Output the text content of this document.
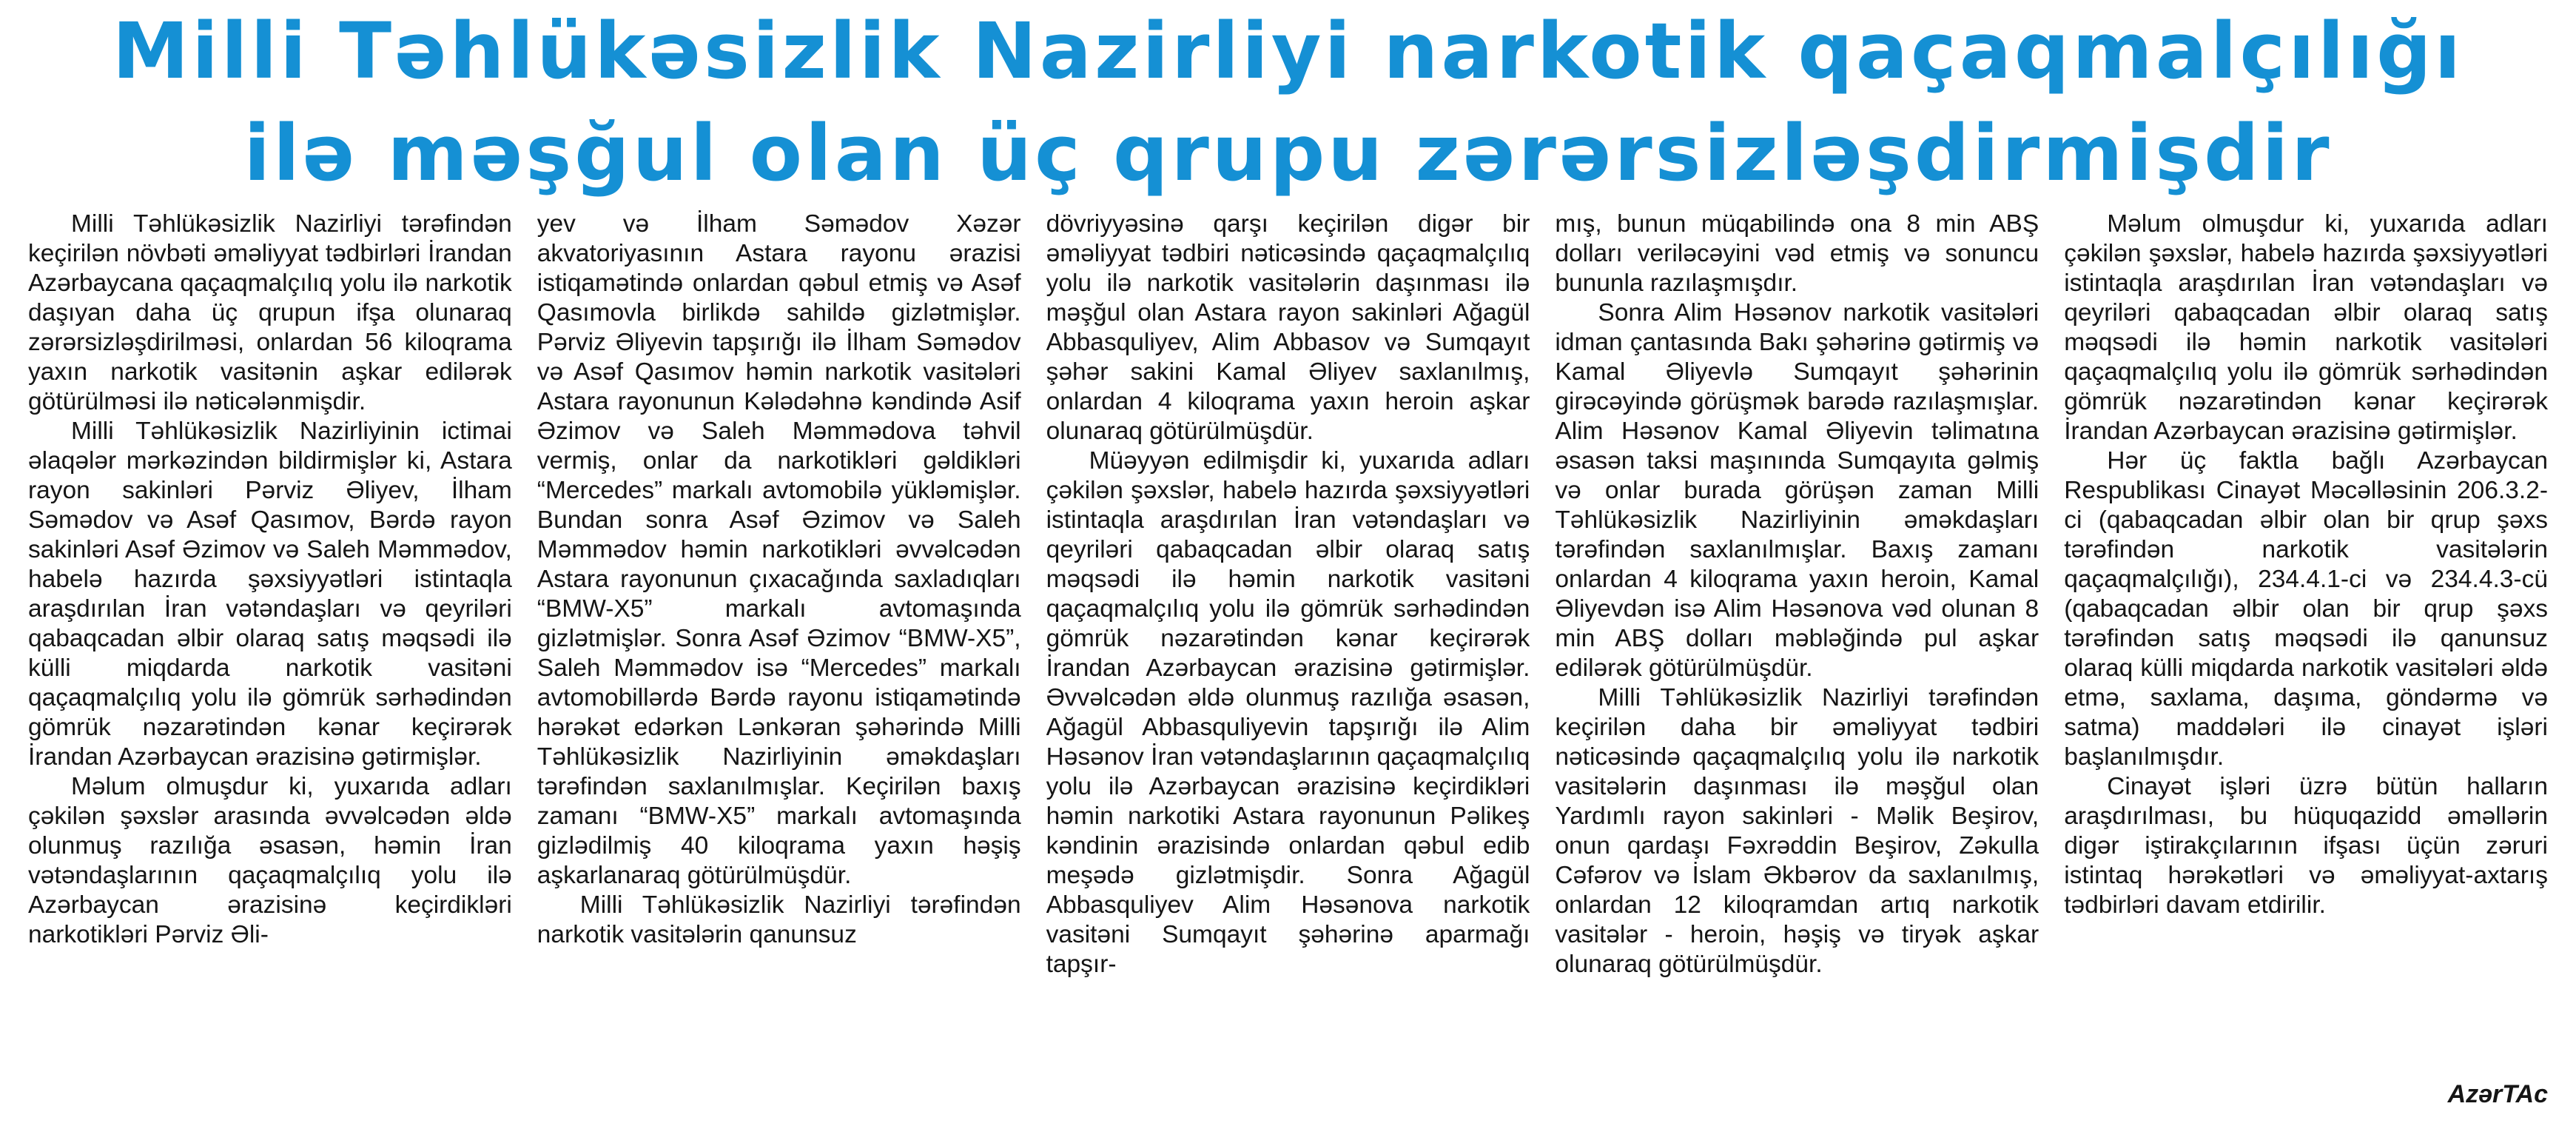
Milli Təhlükəsizlik Nazirliyi narkotik qaçaqmalçılığı
ilə məşğul olan üç qrupu zərərsizləşdirmişdir

Milli Təhlükəsizlik Nazirliyi tərəfindən keçirilən növbəti əməliyyat tədbirləri İrandan Azərbaycana qaçaqmalçılıq yolu ilə narkotik daşıyan daha üç qrupun ifşa olunaraq zərərsizləşdirilməsi, onlardan 56 kiloqrama yaxın narkotik vasitənin aşkar edilərək götürülməsi ilə nəticələnmişdir.

Milli Təhlükəsizlik Nazirliyinin ictimai əlaqələr mərkəzindən bildirmişlər ki, Astara rayon sakinləri Pərviz Əliyev, İlham Səmədov və Asəf Qasımov, Bərdə rayon sakinləri Asəf Əzimov və Saleh Məmmədov, habelə hazırda şəxsiyyətləri istintaqla araşdırılan İran vətəndaşları və qeyriləri qabaqcadan əlbir olaraq satış məqsədi ilə külli miqdarda narkotik vasitəni qaçaqmalçılıq yolu ilə gömrük sərhədindən gömrük nəzarətindən kənar keçirərək İrandan Azərbaycan ərazisinə gətirmişlər.

Məlum olmuşdur ki, yuxarıda adları çəkilən şəxslər arasında əvvəlcədən əldə olunmuş razılığa əsasən, həmin İran vətəndaşlarının qaçaqmalçılıq yolu ilə Azərbaycan ərazisinə keçirdikləri narkotikləri Pərviz Əli-

yev və İlham Səmədov Xəzər akvatoriyasının Astara rayonu ərazisi istiqamətində onlardan qəbul etmiş və Asəf Qasımovla birlikdə sahildə gizlətmişlər. Pərviz Əliyevin tapşırığı ilə İlham Səmədov və Asəf Qasımov həmin narkotik vasitələri Astara rayonunun Kələdəhnə kəndində Asif Əzimov və Saleh Məmmədova təhvil vermiş, onlar da narkotikləri gəldikləri “Mercedes” markalı avtomobilə yükləmişlər. Bundan sonra Asəf Əzimov və Saleh Məmmədov həmin narkotikləri əvvəlcədən Astara rayonunun çıxacağında saxladıqları “BMW-X5” markalı avtomaşında gizlətmişlər. Sonra Asəf Əzimov “BMW-X5”, Saleh Məmmədov isə “Mercedes” markalı avtomobillərdə Bərdə rayonu istiqamətində hərəkət edərkən Lənkəran şəhərində Milli Təhlükəsizlik Nazirliyinin əməkdaşları tərəfindən saxlanılmışlar. Keçirilən baxış zamanı “BMW-X5” markalı avtomaşında gizlədilmiş 40 kiloqrama yaxın həşiş aşkarlanaraq götürülmüşdür.

Milli Təhlükəsizlik Nazirliyi tərəfindən narkotik vasitələrin qanunsuz

dövriyyəsinə qarşı keçirilən digər bir əməliyyat tədbiri nəticəsində qaçaqmalçılıq yolu ilə narkotik vasitələrin daşınması ilə məşğul olan Astara rayon sakinləri Ağagül Abbasquliyev, Alim Abbasov və Sumqayıt şəhər sakini Kamal Əliyev saxlanılmış, onlardan 4 kiloqrama yaxın heroin aşkar olunaraq götürülmüşdür.

Müəyyən edilmişdir ki, yuxarıda adları çəkilən şəxslər, habelə hazırda şəxsiyyətləri istintaqla araşdırılan İran vətəndaşları və qeyriləri qabaqcadan əlbir olaraq satış məqsədi ilə həmin narkotik vasitəni qaçaqmalçılıq yolu ilə gömrük sərhədindən gömrük nəzarətindən kənar keçirərək İrandan Azərbaycan ərazisinə gətirmişlər. Əvvəlcədən əldə olunmuş razılığa əsasən, Ağagül Abbasquliyevin tapşırığı ilə Alim Həsənov İran vətəndaşlarının qaçaqmalçılıq yolu ilə Azərbaycan ərazisinə keçirdikləri həmin narkotiki Astara rayonunun Pəlikeş kəndinin ərazisində onlardan qəbul edib meşədə gizlətmişdir. Sonra Ağagül Abbasquliyev Alim Həsənova narkotik vasitəni Sumqayıt şəhərinə aparmağı tapşır-

mış, bunun müqabilində ona 8 min ABŞ dolları veriləcəyini vəd etmiş və sonuncu bununla razılaşmışdır.

Sonra Alim Həsənov narkotik vasitələri idman çantasında Bakı şəhərinə gətirmiş və Kamal Əliyevlə Sumqayıt şəhərinin girəcəyində görüşmək barədə razılaşmışlar. Alim Həsənov Kamal Əliyevin təlimatına əsasən taksi maşınında Sumqayıta gəlmiş və onlar burada görüşən zaman Milli Təhlükəsizlik Nazirliyinin əməkdaşları tərəfindən saxlanılmışlar. Baxış zamanı onlardan 4 kiloqrama yaxın heroin, Kamal Əliyevdən isə Alim Həsənova vəd olunan 8 min ABŞ dolları məbləğində pul aşkar edilərək götürülmüşdür.

Milli Təhlükəsizlik Nazirliyi tərəfindən keçirilən daha bir əməliyyat tədbiri nəticəsində qaçaqmalçılıq yolu ilə narkotik vasitələrin daşınması ilə məşğul olan Yardımlı rayon sakinləri - Məlik Beşirov, onun qardaşı Fəxrəddin Beşirov, Zəkulla Cəfərov və İslam Əkbərov da saxlanılmış, onlardan 12 kiloqramdan artıq narkotik vasitələr - heroin, həşiş və tiryək aşkar olunaraq götürülmüşdür.

Məlum olmuşdur ki, yuxarıda adları çəkilən şəxslər, habelə hazırda şəxsiyyətləri istintaqla araşdırılan İran vətəndaşları və qeyriləri qabaqcadan əlbir olaraq satış məqsədi ilə həmin narkotik vasitələri qaçaqmalçılıq yolu ilə gömrük sərhədindən gömrük nəzarətindən kənar keçirərək İrandan Azərbaycan ərazisinə gətirmişlər.

Hər üç faktla bağlı Azərbaycan Respublikası Cinayət Məcəlləsinin 206.3.2-ci (qabaqcadan əlbir olan bir qrup şəxs tərəfindən narkotik vasitələrin qaçaqmalçılığı), 234.4.1-ci və 234.4.3-cü (qabaqcadan əlbir olan bir qrup şəxs tərəfindən satış məqsədi ilə qanunsuz olaraq külli miqdarda narkotik vasitələri əldə etmə, saxlama, daşıma, göndərmə və satma) maddələri ilə cinayət işləri başlanılmışdır.

Cinayət işləri üzrə bütün halların araşdırılması, bu hüquqazidd əməllərin digər iştirakçılarının ifşası üçün zəruri istintaq hərəkətləri və əməliyyat-axtarış tədbirləri davam etdirilir.

AzərTAc
